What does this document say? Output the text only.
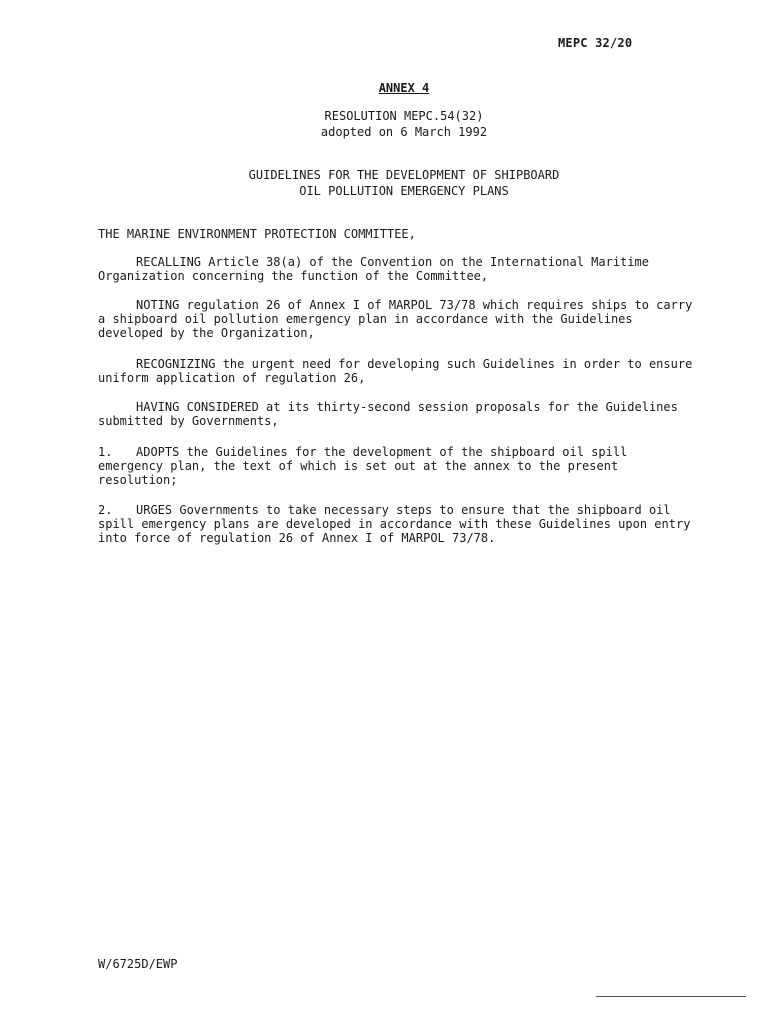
MEPC 32/20
ANNEX 4
RESOLUTION MEPC.54(32)
adopted on 6 March 1992
GUIDELINES FOR THE DEVELOPMENT OF SHIPBOARD
OIL POLLUTION EMERGENCY PLANS
THE MARINE ENVIRONMENT PROTECTION COMMITTEE,

RECALLING Article 38(a) of the Convention on the International Maritime Organization concerning the function of the Committee,

NOTING regulation 26 of Annex I of MARPOL 73/78 which requires ships to carry a shipboard oil pollution emergency plan in accordance with the Guidelines developed by the Organization,

RECOGNIZING the urgent need for developing such Guidelines in order to ensure uniform application of regulation 26,

HAVING CONSIDERED at its thirty-second session proposals for the Guidelines submitted by Governments,

1. ADOPTS the Guidelines for the development of the shipboard oil spill emergency plan, the text of which is set out at the annex to the present resolution;

2. URGES Governments to take necessary steps to ensure that the shipboard oil spill emergency plans are developed in accordance with these Guidelines upon entry into force of regulation 26 of Annex I of MARPOL 73/78.

W/6725D/EWP
